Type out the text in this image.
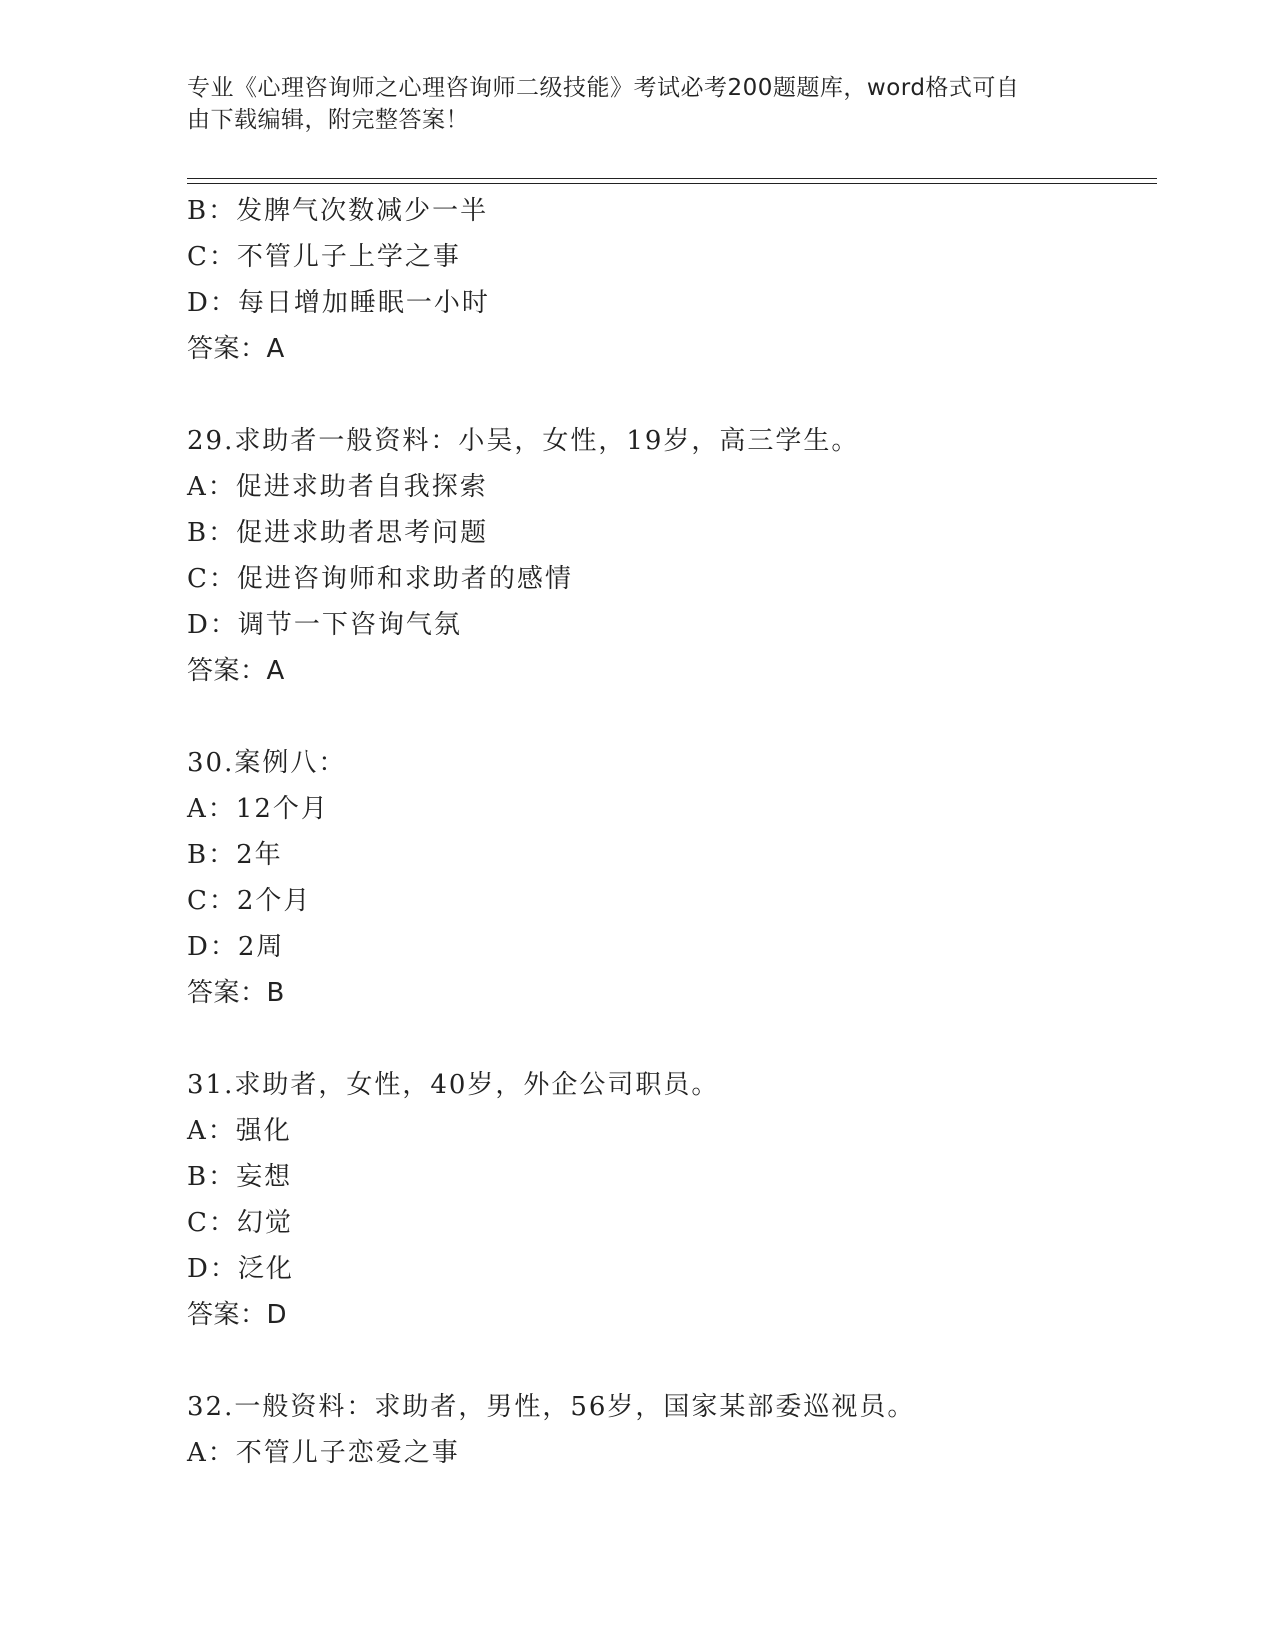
专业《心理咨询师之心理咨询师二级技能》考试必考200题题库，word格式可自
由下载编辑，附完整答案！
B：发脾气次数减少一半
C：不管儿子上学之事
D：每日增加睡眠一小时
答案：A
29.求助者一般资料：小吴，女性，19岁，高三学生。
A：促进求助者自我探索
B：促进求助者思考问题
C：促进咨询师和求助者的感情
D：调节一下咨询气氛
答案：A
30.案例八：
A：12个月
B：2年
C：2个月
D：2周
答案：B
31.求助者，女性，40岁，外企公司职员。
A：强化
B：妄想
C：幻觉
D：泛化
答案：D
32.一般资料：求助者，男性，56岁，国家某部委巡视员。
A：不管儿子恋爱之事
